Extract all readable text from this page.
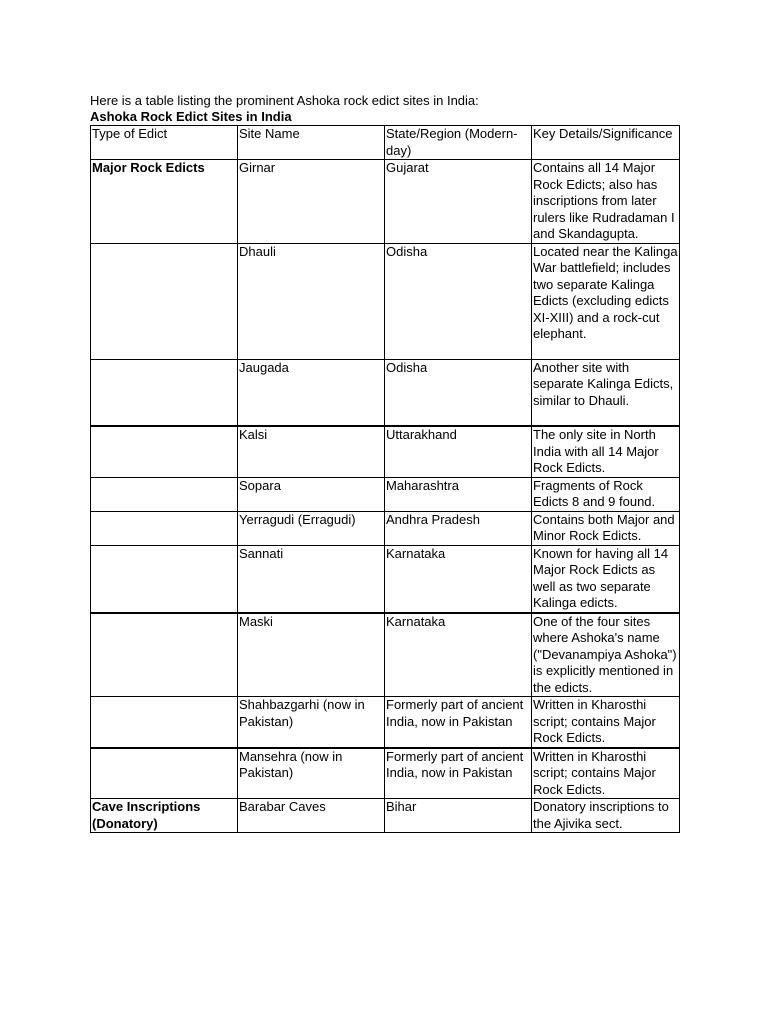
Here is a table listing the prominent Ashoka rock edict sites in India:

Ashoka Rock Edict Sites in India

Type of Edict	Site Name	State/Region (Modern-day)	Key Details/Significance
Major Rock Edicts	Girnar	Gujarat	Contains all 14 Major Rock Edicts; also has inscriptions from later rulers like Rudradaman I and Skandagupta.
	Dhauli	Odisha	Located near the Kalinga War battlefield; includes two separate Kalinga Edicts (excluding edicts XI-XIII) and a rock-cut elephant.
	Jaugada	Odisha	Another site with separate Kalinga Edicts, similar to Dhauli.
	Kalsi	Uttarakhand	The only site in North India with all 14 Major Rock Edicts.
	Sopara	Maharashtra	Fragments of Rock Edicts 8 and 9 found.
	Yerragudi (Erragudi)	Andhra Pradesh	Contains both Major and Minor Rock Edicts.
	Sannati	Karnataka	Known for having all 14 Major Rock Edicts as well as two separate Kalinga edicts.
	Maski	Karnataka	One of the four sites where Ashoka's name ("Devanampiya Ashoka") is explicitly mentioned in the edicts.
	Shahbazgarhi (now in Pakistan)	Formerly part of ancient India, now in Pakistan	Written in Kharosthi script; contains Major Rock Edicts.
	Mansehra (now in Pakistan)	Formerly part of ancient India, now in Pakistan	Written in Kharosthi script; contains Major Rock Edicts.
Cave Inscriptions (Donatory)	Barabar Caves	Bihar	Donatory inscriptions to the Ajivika sect.
